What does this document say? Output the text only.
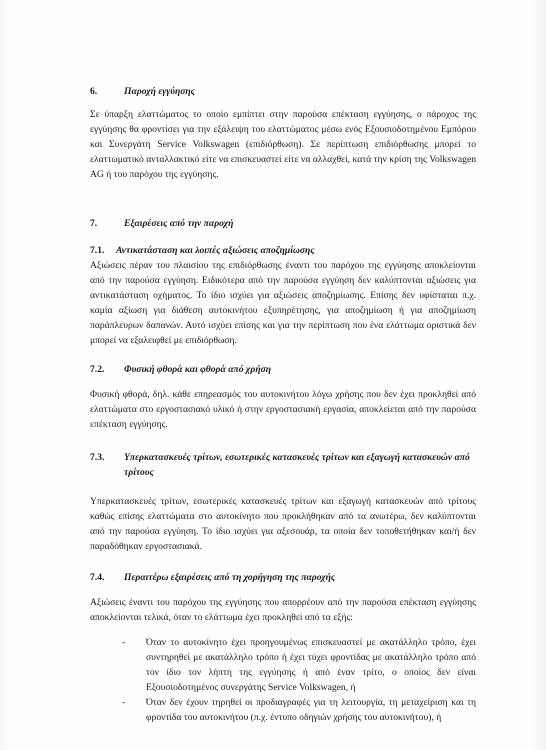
6.	Παροχή εγγύησης

Σε ύπαρξη ελαττώματος το οποίο εμπίπτει στην παρούσα επέκταση εγγύησης, ο πάροχος της εγγύησης θα φροντίσει για την εξάλειψη του ελαττώματος μέσω ενός Εξουσιοδοτημένου Εμπόρου και Συνεργάτη Service Volkswagen (επιδιόρθωση). Σε περίπτωση επιδιόρθωσης μπορεί το ελαττωματικό ανταλλακτικό είτε να επισκευαστεί είτε να αλλαχθεί, κατά την κρίση της Volkswagen AG ή του παρόχου της εγγύησης.

7.	Εξαιρέσεις από την παροχή
7.1.	Αντικατάσταση και λοιπές αξιώσεις αποζημίωσης

Αξιώσεις πέραν του πλαισίου της επιδιόρθωσης έναντι του παρόχου της εγγύησης αποκλείονται από την παρούσα εγγύηση. Ειδικότερα από την παρούσα εγγύηση δεν καλύπτονται αξιώσεις για αντικατάσταση οχήματος. Το ίδιο ισχύει για αξιώσεις αποζημίωσης. Επίσης δεν υφίσταται π.χ. καμία αξίωση για διάθεση αυτοκινήτου εξυπηρέτησης, για αποζημίωση ή για αποζημίωση παράπλευρων δαπανών. Αυτό ισχύει επίσης και για την περίπτωση που ένα ελάττωμα οριστικά δεν μπορεί να εξαλειφθεί με επιδιόρθωση.

7.2.	Φυσική φθορά και φθορά από χρήση

Φυσική φθορά, δηλ. κάθε επηρεασμός του αυτοκινήτου λόγω χρήσης που δεν έχει προκληθεί από ελαττώματα στο εργοστασιακό υλικό ή στην εργοστασιακή εργασία, αποκλείεται από την παρούσα επέκταση εγγύησης.

7.3.	Υπερκατασκευές τρίτων, εσωτερικές κατασκευές τρίτων και εξαγωγή κατασκευών από τρίτους

Υπερκατασκευές τρίτων, εσωτερικές κατασκευές τρίτων και εξαγωγή κατασκευών από τρίτους καθώς επίσης ελαττώματα στο αυτοκίνητο που προκλήθηκαν από τα ανωτέρω, δεν καλύπτονται από την παρούσα εγγύηση. Το ίδιο ισχύει για αξεσουάρ, τα οποία δεν τοποθετήθηκαν και/ή δεν παραδόθηκαν εργοστασιακά.

7.4.	Περαιτέρω εξαιρέσεις από τη χορήγηση της παροχής

Αξιώσεις έναντι του παρόχου της εγγύησης που απορρέουν από την παρούσα επέκταση εγγύησης αποκλείονται τελικά, όταν το ελάττωμα έχει προκληθεί από τα εξής:

-	Όταν το αυτοκίνητο έχει προηγουμένως επισκευαστεί με ακατάλληλο τρόπο, έχει συντηρηθεί με ακατάλληλο τρόπο ή έχει τύχει φροντίδας με ακατάλληλο τρόπο από τον ίδιο τον λήπτη της εγγύησης ή από έναν τρίτο, ο οποίος δεν είναι Εξουσιοδοτημένος συνεργάτης Service Volkswagen, ή
-	Όταν δεν έχουν τηρηθεί οι προδιαγραφές για τη λειτουργία, τη μεταχείριση και τη φροντίδα του αυτοκινήτου (π.χ. έντυπο οδηγιών χρήσης του αυτοκινήτου), ή
